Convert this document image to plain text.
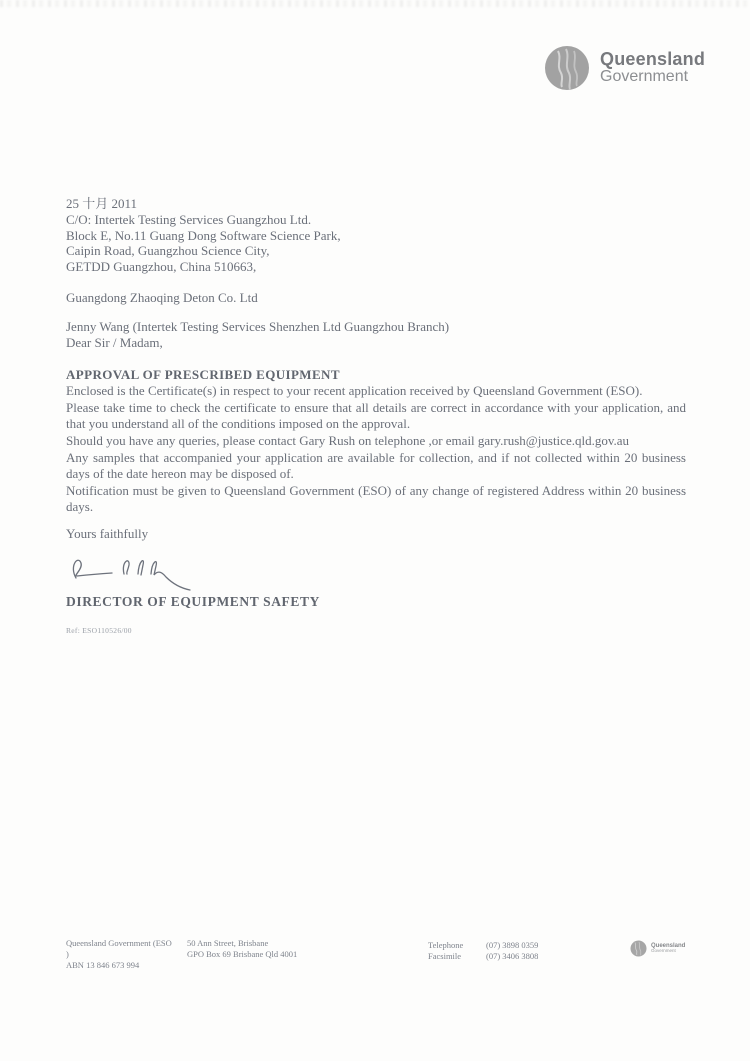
Queensland
Government
25 十月 2011
C/O: Intertek Testing Services Guangzhou Ltd.
Block E, No.11 Guang Dong Software Science Park,
Caipin Road, Guangzhou Science City,
GETDD Guangzhou, China 510663,
Guangdong Zhaoqing Deton Co. Ltd
Jenny Wang (Intertek Testing Services Shenzhen Ltd Guangzhou Branch)
Dear Sir / Madam,
APPROVAL OF PRESCRIBED EQUIPMENT

Enclosed is the Certificate(s) in respect to your recent application received by Queensland Government (ESO).

Please take time to check the certificate to ensure that all details are correct in accordance with your application, and that you understand all of the conditions imposed on the approval.

Should you have any queries, please contact Gary Rush on telephone ,or email gary.rush@justice.qld.gov.au

Any samples that accompanied your application are available for collection, and if not collected within 20 business days of the date hereon may be disposed of.

Notification must be given to Queensland Government (ESO) of any change of registered Address within 20 business days.

Yours faithfully
DIRECTOR OF EQUIPMENT SAFETY
Ref: ESO110526/00
Queensland Government (ESO	50 Ann Street, Brisbane
)	GPO Box 69 Brisbane Qld 4001
ABN 13 846 673 994
Telephone	(07) 3898 0359
Facsimile	(07) 3406 3808
Queensland
Government
